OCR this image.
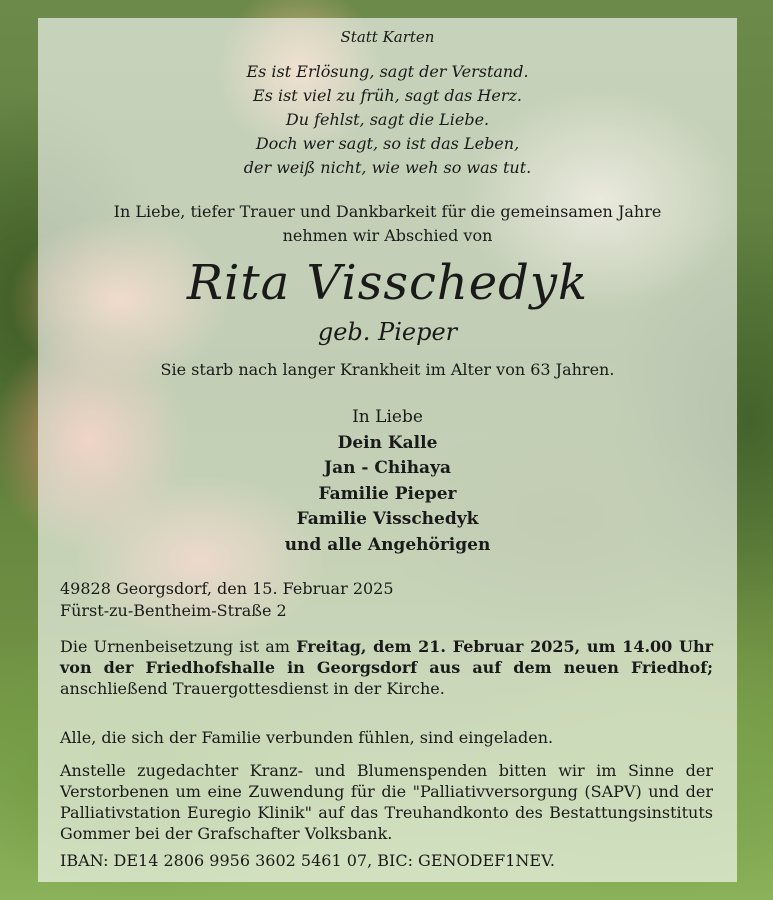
Statt Karten
Es ist Erlösung, sagt der Verstand.
Es ist viel zu früh, sagt das Herz.
Du fehlst, sagt die Liebe.
Doch wer sagt, so ist das Leben,
der weiß nicht, wie weh so was tut.
In Liebe, tiefer Trauer und Dankbarkeit für die gemeinsamen Jahre
nehmen wir Abschied von
Rita Visschedyk
geb. Pieper
Sie starb nach langer Krankheit im Alter von 63 Jahren.
In Liebe
Dein Kalle
Jan - Chihaya
Familie Pieper
Familie Visschedyk
und alle Angehörigen
49828 Georgsdorf, den 15. Februar 2025
Fürst-zu-Bentheim-Straße 2
Die Urnenbeisetzung ist am Freitag, dem 21. Februar 2025, um 14.00 Uhr von der Friedhofshalle in Georgsdorf aus auf dem neuen Friedhof; anschließend Trauergottesdienst in der Kirche.
Alle, die sich der Familie verbunden fühlen, sind eingeladen.
Anstelle zugedachter Kranz- und Blumenspenden bitten wir im Sinne der Verstorbenen um eine Zuwendung für die "Palliativversorgung (SAPV) und der Palliativstation Euregio Klinik" auf das Treuhandkonto des Bestattungsinstituts Gommer bei der Grafschafter Volksbank.
IBAN: DE14 2806 9956 3602 5461 07, BIC: GENODEF1NEV.
